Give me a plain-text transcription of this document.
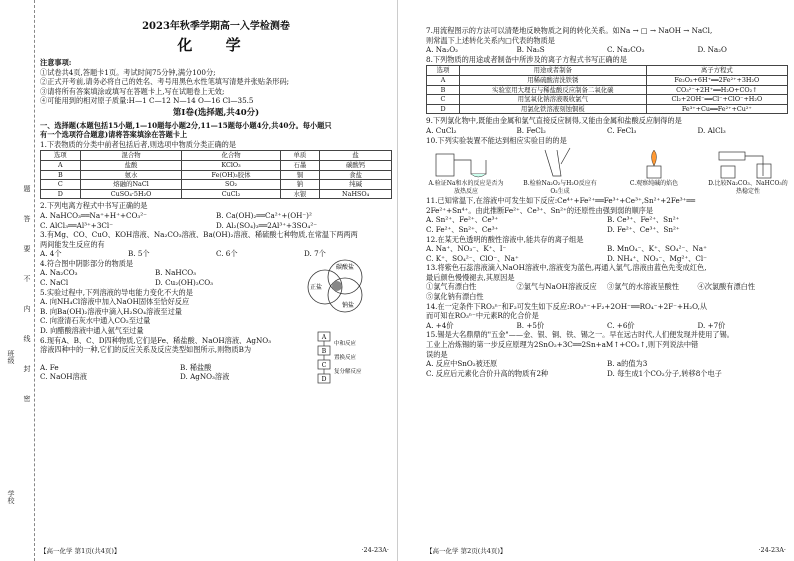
题
答
要
不
内
线
封
密
班级
学校
2023年秋季学期高一入学检测卷
化 学
注意事项:
①试卷共4页,答题卡1页。考试时间75分钟,满分100分;
②正式开考前,请务必将自己的姓名、考号用黑色水性笔填写清楚并张贴条形码;
③请将所有答案填涂或填写在答题卡上,写在试题卷上无效;
④可能用到的相对原子质量:H—1 C—12 N—14 O—16 Cl—35.5
第Ⅰ卷(选择题,共40分)
一、选择题(本题包括15小题,1—10题每小题2分,11—15题每小题4分,共40分。每小题只
有一个选项符合题意)请将答案填涂在答题卡上
1.下表物质的分类中前者包括后者,则选项中物质分类正确的是
选项	混合物	化合物	单质	盐
A	盐酸	KClO₃	石墨	碳酸钙
B	氨水	Fe(OH)₃胶体	铜	食盐
C	熔融的NaCl	SO₂	钠	纯碱
D	CuSO₄·5H₂O	CuCl₂	水银	NaHSO₄
2.下列电离方程式中书写正确的是
A. NaHCO₃══Na⁺+H⁺+CO₃²⁻	B. Ca(OH)₂══Ca²⁺+(OH⁻)²
C. AlCl₃══Al³⁺+3Cl⁻	D. Al₂(SO₄)₃══2Al³⁺+3SO₄²⁻
3.有Mg、CO、CuO、KOH溶液、Na₂CO₃溶液、Ba(OH)₂溶液、稀硫酸七种物质,在常温下两两两
两间能发生反应的有
A. 4个	B. 5个	C. 6个	D. 7个
4.符合图中阴影部分的物质是
A. Na₂CO₃	B. NaHCO₃
C. NaCl	D. Cu₂(OH)₂CO₃
碳酸盐
正盐
钠盐
5.实验过程中,下列溶液的导电能力变化不大的是
A. 向NH₄Cl溶液中加入NaOH固体至恰好反应
B. 向Ba(OH)₂溶液中滴入H₂SO₄溶液至过量
C. 向澄清石灰水中通入CO₂至过量
D. 向醋酸溶液中通入氨气至过量
6.现有A、B、C、D四种物质,它们是Fe、稀盐酸、NaOH溶液、AgNO₃
溶液四种中的一种,它们的反应关系及反应类型如图所示,则物质B为
A. Fe	B. 稀盐酸
C. NaOH溶液	D. AgNO₃溶液
A
B
C
D
中和反应
置换反应
复分解反应
【高一化学 第1页(共4页)】	·24-23A·
7.用流程图示的方法可以清楚地反映物质之间的转化关系。如Na → □ → NaOH → NaCl,
则常温下上述转化关系内□代表的物质是
A. Na₂O₂	B. Na₂S	C. Na₂CO₃	D. Na₂O
8.下列物质的用途或者制备中所涉及的离子方程式书写正确的是
选项	用途或者制备	离子方程式
A	用稀硫酸清洗铁锈	Fe₂O₃+6H⁺══2Fe²⁺+3H₂O
B	实验室用大理石与稀盐酸反应制备二氧化碳	CO₃²⁻+2H⁺══H₂O+CO₂↑
C	用氢氧化钠溶液吸收氯气	Cl₂+2OH⁻══Cl⁻+ClO⁻+H₂O
D	用氯化铁溶液刻蚀铜板	Fe³⁺+Cu══Fe²⁺+Cu²⁺
9.下列氯化物中,既能由金属和氯气直接反应制得,又能由金属和盐酸反应制得的是
A. CuCl₂	B. FeCl₂	C. FeCl₃	D. AlCl₃
10.下列实验装置不能达到相应实验目的的是
A.验证Na和水的反应是否为放热反应
B.检验Na₂O₂与H₂O反应有O₂生成
C.观察纯碱的焰色	D.比较Na₂CO₃、NaHCO₃的热稳定性
11.已知常温下,在溶液中可发生如下反应:Ce⁴⁺+Fe²⁺══Fe³⁺+Ce³⁺,Sn²⁺+2Fe³⁺══
2Fe²⁺+Sn⁴⁺。由此推断Fe²⁺、Ce³⁺、Sn²⁺的还原性由强到弱的顺序是
A. Sn²⁺、Fe²⁺、Ce³⁺	B. Ce³⁺、Fe²⁺、Sn²⁺
C. Fe²⁺、Sn²⁺、Ce³⁺	D. Fe²⁺、Ce³⁺、Sn²⁺
12.在某无色透明的酸性溶液中,能共存的离子组是
A. Na⁺、NO₃⁻、K⁺、I⁻	B. MnO₄⁻、K⁺、SO₄²⁻、Na⁺
C. K⁺、SO₄²⁻、ClO⁻、Na⁺	D. NH₄⁺、NO₃⁻、Mg²⁺、Cl⁻
13.将紫色石蕊溶液滴入NaOH溶液中,溶液变为蓝色,再通入氯气,溶液由蓝色先变成红色,
最后颜色慢慢褪去,其原因是
①氯气有漂白性	②氯气与NaOH溶液反应	③氯气的水溶液呈酸性	④次氯酸有漂白性
⑤氯化钠有漂白性
14.在一定条件下RO₃ⁿ⁻和F₂可发生如下反应:RO₃ⁿ⁻+F₂+2OH⁻══RO₄⁻+2F⁻+H₂O,从
而可知在RO₃ⁿ⁻中元素R的化合价是
A. +4价	B. +5价	C. +6价	D. +7价
15.锡是大名鼎鼎的"五金"——金、银、铜、铁、锡之一。早在远古时代,人们便发现并使用了锡。
工业上冶炼锡的第一步反应原理为2SnO₂+3C══2Sn+aM↑+CO₂↑,则下列说法中错
误的是
A. 反应中SnO₂被还原	B. a的值为3
C. 反应后元素化合价升高的物质有2种	D. 每生成1个CO₂分子,转移8个电子
【高一化学 第2页(共4页)】	·24-23A·
